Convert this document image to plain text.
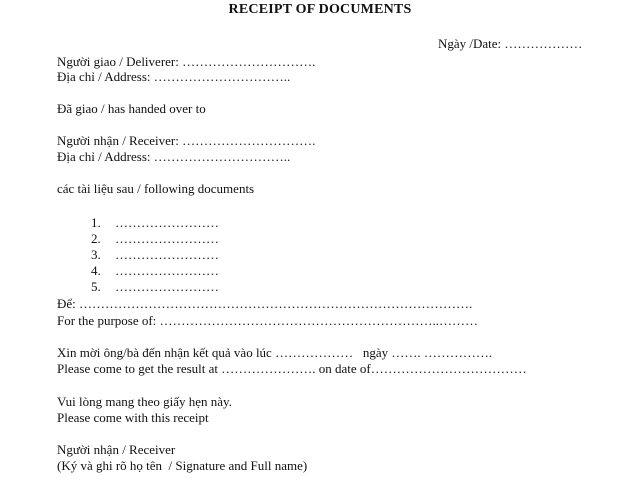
RECEIPT OF DOCUMENTS
Ngày /Date: ………………
Người giao / Deliverer: ………………………….
Địa chỉ / Address: …………………………..
Đã giao / has handed over to
Người nhận / Receiver: ………………………….
Địa chỉ / Address: …………………………..
các tài liệu sau / following documents

1. ……………………

2. ……………………

3. ……………………

4. ……………………

5. ……………………

Để: ……………………………………………………………………………….
For the purpose of: ………………………………………………………..………
Xin mời ông/bà đến nhận kết quả vào lúc ………………   ngày ……. …………….
Please come to get the result at …………………. on date of………………………………
Vui lòng mang theo giấy hẹn này.
Please come with this receipt
Người nhận / Receiver
(Ký và ghi rõ họ tên  / Signature and Full name)
